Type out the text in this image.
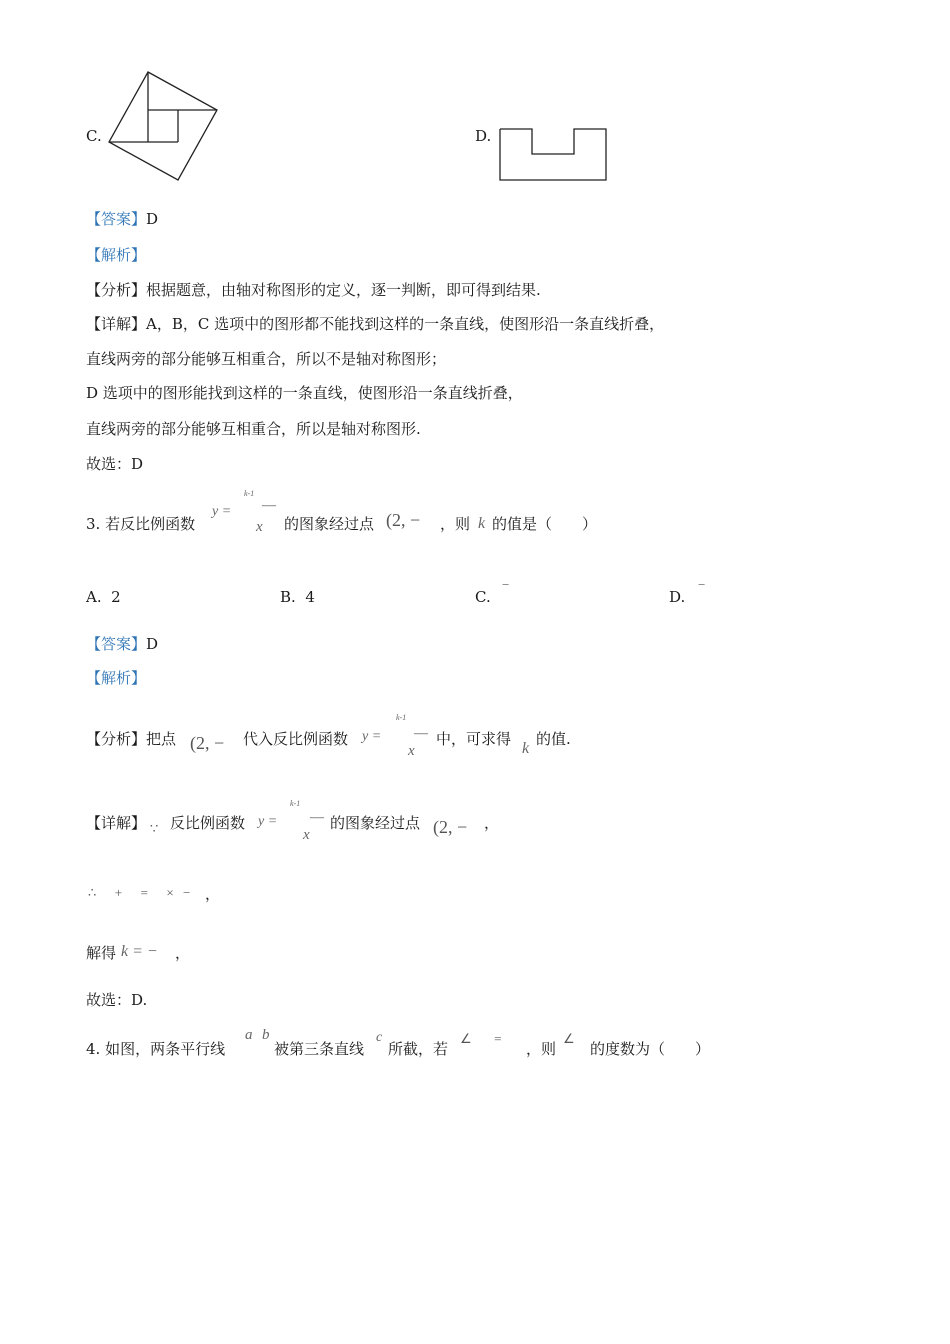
C.	D.
【答案】D
【解析】
【分析】根据题意，由轴对称图形的定义，逐一判断，即可得到结果.
【详解】A，B，C 选项中的图形都不能找到这样的一条直线，使图形沿一条直线折叠，
直线两旁的部分能够互相重合，所以不是轴对称图形；
D 选项中的图形能找到这样的一条直线，使图形沿一条直线折叠，
直线两旁的部分能够互相重合，所以是轴对称图形.
故选：D
3. 若反比例函数
y =
k-1
—
x 的图象经过点 (2, − ，则 k 的值是（　　）
A. 2	B. 4	C.
−
D.
−
【答案】D
【解析】
【分析】把点 (2, − 代入反比例函数 y =
k-1
—
x
中，可求得
k
的值.
【详解】 ∵ 反比例函数 y =
k-1
—
x
的图象经过点 (2, − ，
∴  +  =  × − ，
解得 k = − ，
故选：D.
4. 如图，两条平行线
a b
被第三条直线
c
所截，若
∠  =
，则
∠
的度数为（　　）
